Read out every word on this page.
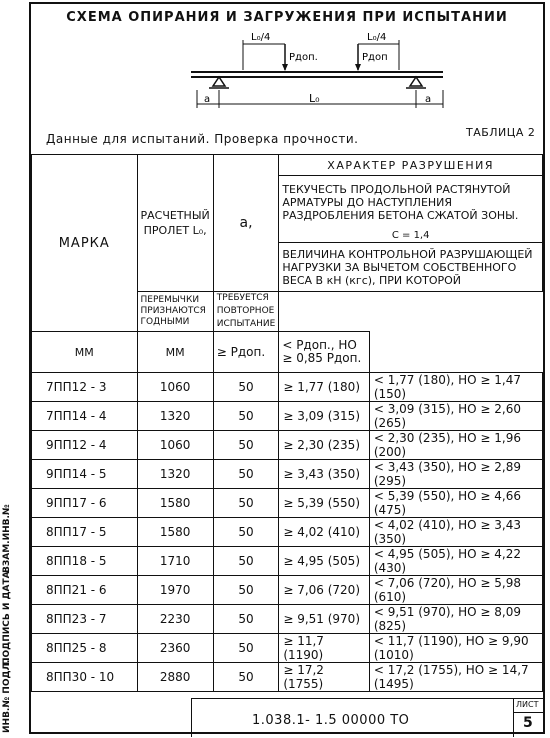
СХЕМА ОПИРАНИЯ И ЗАГРУЖЕНИЯ ПРИ ИСПЫТАНИИ
L₀/4	L₀/4
Рдоп.	Рдоп
a	a
L₀
Данные для испытаний. Проверка прочности.	ТАБЛИЦА 2
МАРКА	РАСЧЕТНЫЙ ПРОЛЕТ L₀,	a,	ХАРАКТЕР РАЗРУШЕНИЯ	
			ТЕКУЧЕСТЬ ПРОДОЛЬНОЙ РАСТЯНУТОЙ АРМАТУРЫ ДО НАСТУПЛЕНИЯ РАЗДРОБЛЕНИЯ БЕТОНА СЖАТОЙ ЗОНЫ.	
			C = 1,4	
			ВЕЛИЧИНА КОНТРОЛЬНОЙ РАЗРУШАЮЩЕЙ НАГРУЗКИ ЗА ВЫЧЕТОМ СОБСТВЕННОГО ВЕСА В кН (кгс), ПРИ КОТОРОЙ	
	ПЕРЕМЫЧКИ ПРИЗНАЮТСЯ ГОДНЫМИ	ТРЕБУЕТСЯ ПОВТОРНОЕ ИСПЫТАНИЕ		
ММ	ММ	≥ Рдоп.	< Рдоп., НО ≥ 0,85 Рдоп.	
7ПП12 - 3	1060	50	≥ 1,77 (180)	< 1,77 (180), НО ≥ 1,47 (150)
7ПП14 - 4	1320	50	≥ 3,09 (315)	< 3,09 (315), НО ≥ 2,60 (265)
9ПП12 - 4	1060	50	≥ 2,30 (235)	< 2,30 (235), НО ≥ 1,96 (200)
9ПП14 - 5	1320	50	≥ 3,43 (350)	< 3,43 (350), НО ≥ 2,89 (295)
9ПП17 - 6	1580	50	≥ 5,39 (550)	< 5,39 (550), НО ≥ 4,66 (475)
8ПП17 - 5	1580	50	≥ 4,02 (410)	< 4,02 (410), НО ≥ 3,43 (350)
8ПП18 - 5	1710	50	≥ 4,95 (505)	< 4,95 (505), НО ≥ 4,22 (430)
8ПП21 - 6	1970	50	≥ 7,06 (720)	< 7,06 (720), НО ≥ 5,98 (610)
8ПП23 - 7	2230	50	≥ 9,51 (970)	< 9,51 (970), НО ≥ 8,09 (825)
8ПП25 - 8	2360	50	≥ 11,7 (1190)	< 11,7 (1190), НО ≥ 9,90 (1010)
8ПП30 - 10	2880	50	≥ 17,2 (1755)	< 17,2 (1755), НО ≥ 14,7 (1495)
1.038.1- 1.5 00000 ТО
ЛИСТ
5
ИНВ.№ ПОДЛ.
ПОДПИСЬ И ДАТА
ВЗАМ.ИНВ.№
